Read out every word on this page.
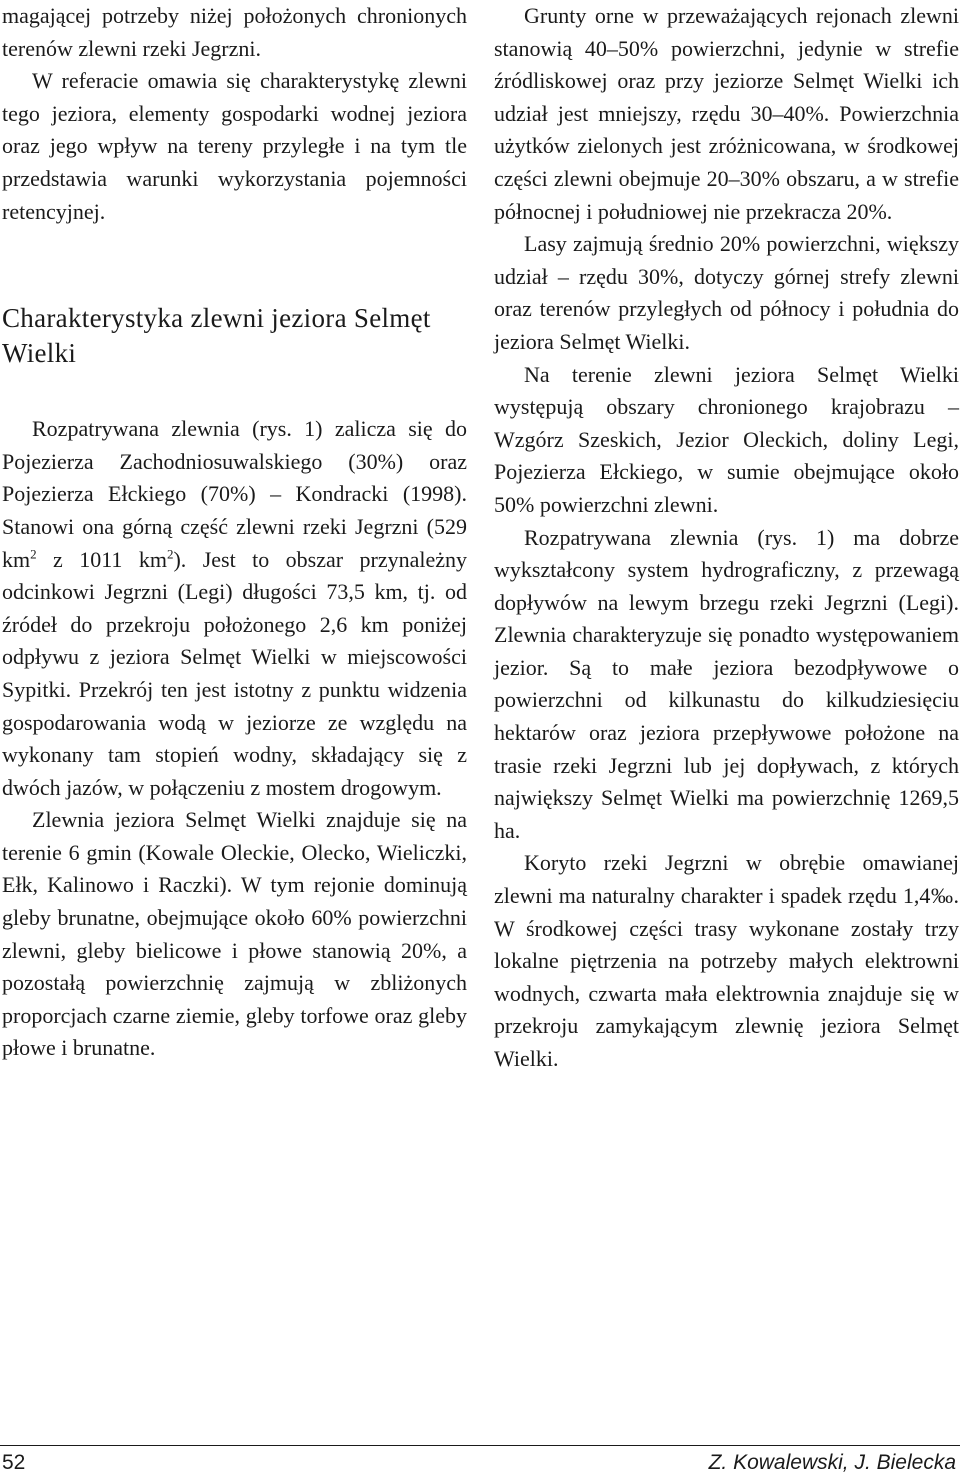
magającej potrzeby niżej położonych chronionych terenów zlewni rzeki Jegrzni.

W referacie omawia się charakterystykę zlewni tego jeziora, elementy gospodarki wodnej jeziora oraz jego wpływ na tereny przyległe i na tym tle przedstawia warunki wykorzystania pojemności retencyjnej.

Charakterystyka zlewni jeziora Selmęt Wielki

Rozpatrywana zlewnia (rys. 1) zalicza się do Pojezierza Zachodniosuwalskiego (30%) oraz Pojezierza Ełckiego (70%) – Kondracki (1998). Stanowi ona górną część zlewni rzeki Jegrzni (529 $km^2$ z 1011 $km^2$). Jest to obszar przynależny odcinkowi Jegrzni (Legi) długości 73,5 km, tj. od źródeł do przekroju położonego 2,6 km poniżej odpływu z jeziora Selmęt Wielki w miejscowości Sypitki. Przekrój ten jest istotny z punktu widzenia gospodarowania wodą w jeziorze ze względu na wykonany tam stopień wodny, składający się z dwóch jazów, w połączeniu z mostem drogowym.

Zlewnia jeziora Selmęt Wielki znajduje się na terenie 6 gmin (Kowale Oleckie, Olecko, Wieliczki, Ełk, Kalinowo i Raczki). W tym rejonie dominują gleby brunatne, obejmujące około 60% powierzchni zlewni, gleby bielicowe i płowe stanowią 20%, a pozostałą powierzchnię zajmują w zbliżonych proporcjach czarne ziemie, gleby torfowe oraz gleby płowe i brunatne.

Grunty orne w przeważających rejonach zlewni stanowią 40–50% powierzchni, jedynie w strefie źródliskowej oraz przy jeziorze Selmęt Wielki ich udział jest mniejszy, rzędu 30–40%. Powierzchnia użytków zielonych jest zróżnicowana, w środkowej części zlewni obejmuje 20–30% obszaru, a w strefie północnej i południowej nie przekracza 20%.

Lasy zajmują średnio 20% powierzchni, większy udział – rzędu 30%, dotyczy górnej strefy zlewni oraz terenów przyległych od północy i południa do jeziora Selmęt Wielki.

Na terenie zlewni jeziora Selmęt Wielki występują obszary chronionego krajobrazu – Wzgórz Szeskich, Jezior Oleckich, doliny Legi, Pojezierza Ełckiego, w sumie obejmujące około 50% powierzchni zlewni.

Rozpatrywana zlewnia (rys. 1) ma dobrze wykształcony system hydrograficzny, z przewagą dopływów na lewym brzegu rzeki Jegrzni (Legi). Zlewnia charakteryzuje się ponadto występowaniem jezior. Są to małe jeziora bezodpływowe o powierzchni od kilkunastu do kilkudziesięciu hektarów oraz jeziora przepływowe położone na trasie rzeki Jegrzni lub jej dopływach, z których największy Selmęt Wielki ma powierzchnię 1269,5 ha.

Koryto rzeki Jegrzni w obrębie omawianej zlewni ma naturalny charakter i spadek rzędu 1,4‰. W środkowej części trasy wykonane zostały trzy lokalne piętrzenia na potrzeby małych elektrowni wodnych, czwarta mała elektrownia znajduje się w przekroju zamykającym zlewnię jeziora Selmęt Wielki.

52	Z. Kowalewski, J. Bielecka
